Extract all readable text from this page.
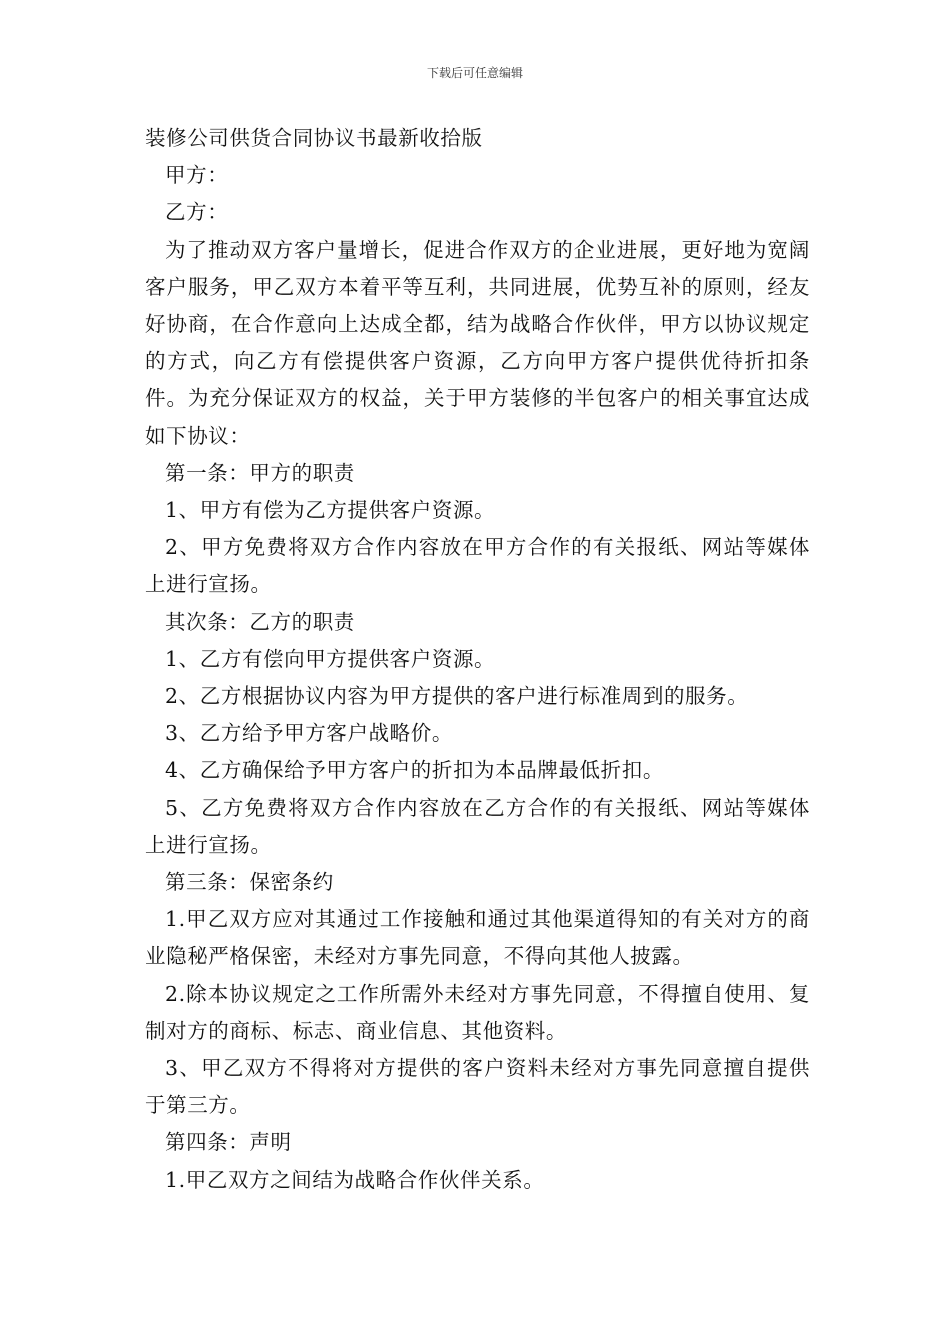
下载后可任意编辑

装修公司供货合同协议书最新收拾版

甲方：

乙方：

为了推动双方客户量增长，促进合作双方的企业进展，更好地为宽阔客户服务，甲乙双方本着平等互利，共同进展，优势互补的原则，经友好协商，在合作意向上达成全都，结为战略合作伙伴，甲方以协议规定的方式，向乙方有偿提供客户资源，乙方向甲方客户提供优待折扣条件。为充分保证双方的权益，关于甲方装修的半包客户的相关事宜达成如下协议：

第一条：甲方的职责

1、甲方有偿为乙方提供客户资源。

2、甲方免费将双方合作内容放在甲方合作的有关报纸、网站等媒体上进行宣扬。

其次条：乙方的职责

1、乙方有偿向甲方提供客户资源。

2、乙方根据协议内容为甲方提供的客户进行标准周到的服务。

3、乙方给予甲方客户战略价。

4、乙方确保给予甲方客户的折扣为本品牌最低折扣。

5、乙方免费将双方合作内容放在乙方合作的有关报纸、网站等媒体上进行宣扬。

第三条：保密条约

1.甲乙双方应对其通过工作接触和通过其他渠道得知的有关对方的商业隐秘严格保密，未经对方事先同意，不得向其他人披露。

2.除本协议规定之工作所需外未经对方事先同意，不得擅自使用、复制对方的商标、标志、商业信息、其他资料。

3、甲乙双方不得将对方提供的客户资料未经对方事先同意擅自提供于第三方。

第四条：声明

1.甲乙双方之间结为战略合作伙伴关系。
